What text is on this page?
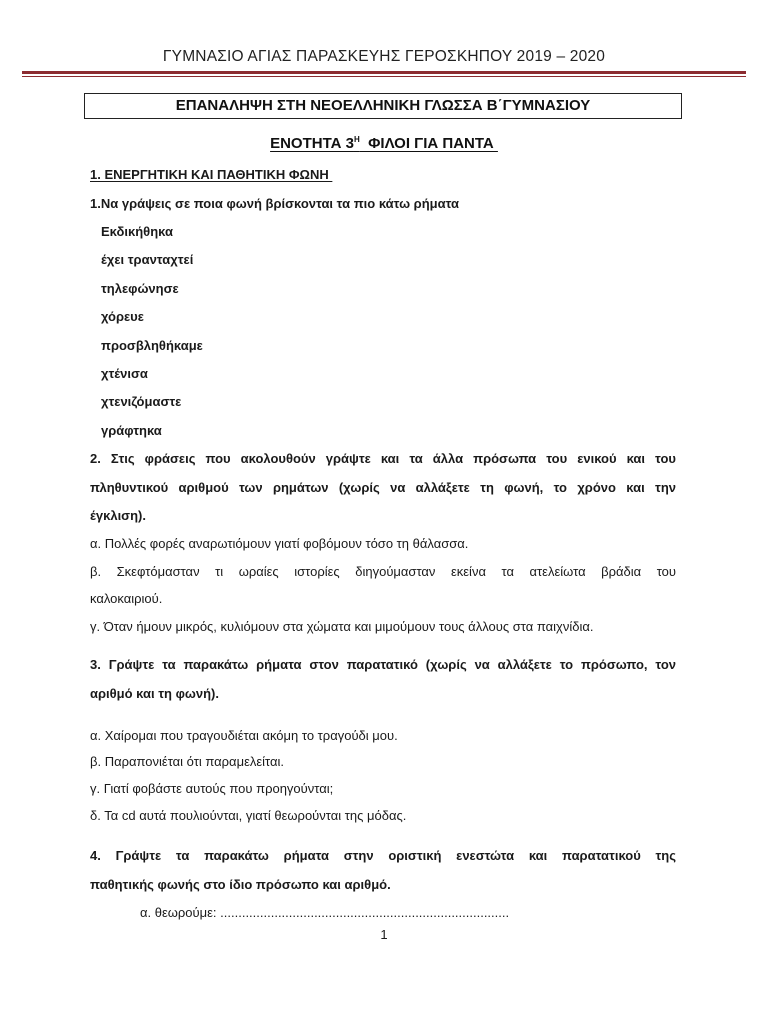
ΓΥΜΝΑΣΙΟ ΑΓΙΑΣ ΠΑΡΑΣΚΕΥΗΣ ΓΕΡΟΣΚΗΠΟΥ 2019 – 2020
ΕΠΑΝΑΛΗΨΗ ΣΤΗ ΝΕΟΕΛΛΗΝΙΚΗ ΓΛΩΣΣΑ Β΄ΓΥΜΝΑΣΙΟΥ
ΕΝΟΤΗΤΑ $3^H$  ΦΙΛΟΙ ΓΙΑ ΠΑΝΤΑ
1. ΕΝΕΡΓΗΤΙΚΗ ΚΑΙ ΠΑΘΗΤΙΚΗ ΦΩΝΗ
1.Να γράψεις σε ποια φωνή βρίσκονται τα πιο κάτω ρήματα
Εκδικήθηκα
έχει τρανταχτεί
τηλεφώνησε
χόρευε
προσβληθήκαμε
χτένισα
χτενιζόμαστε
γράφτηκα
2. Στις φράσεις που ακολουθούν γράψτε και τα άλλα πρόσωπα του ενικού και του
πληθυντικού αριθμού των ρημάτων (χωρίς να αλλάξετε τη φωνή, το χρόνο και την
έγκλιση).
α. Πολλές φορές αναρωτιόμουν γιατί φοβόμουν τόσο τη θάλασσα.
β. Σκεφτόμασταν τι ωραίες ιστορίες διηγούμασταν εκείνα τα ατελείωτα βράδια του
καλοκαιριού.
γ. Όταν ήμουν μικρός, κυλιόμουν στα χώματα και μιμούμουν τους άλλους στα παιχνίδια.
3. Γράψτε τα παρακάτω ρήματα στον παρατατικό (χωρίς να αλλάξετε το πρόσωπο, τον
αριθμό και τη φωνή).
α. Χαίρομαι που τραγουδιέται ακόμη το τραγούδι μου.
β. Παραπονιέται ότι παραμελείται.
γ. Γιατί φοβάστε αυτούς που προηγούνται;
δ. Τα cd αυτά πουλιούνται, γιατί θεωρούνται της μόδας.
4. Γράψτε τα παρακάτω ρήματα στην οριστική ενεστώτα και παρατατικού της
παθητικής φωνής στο ίδιο πρόσωπο και αριθμό.
α. θεωρούμε: ................................................................................
1
